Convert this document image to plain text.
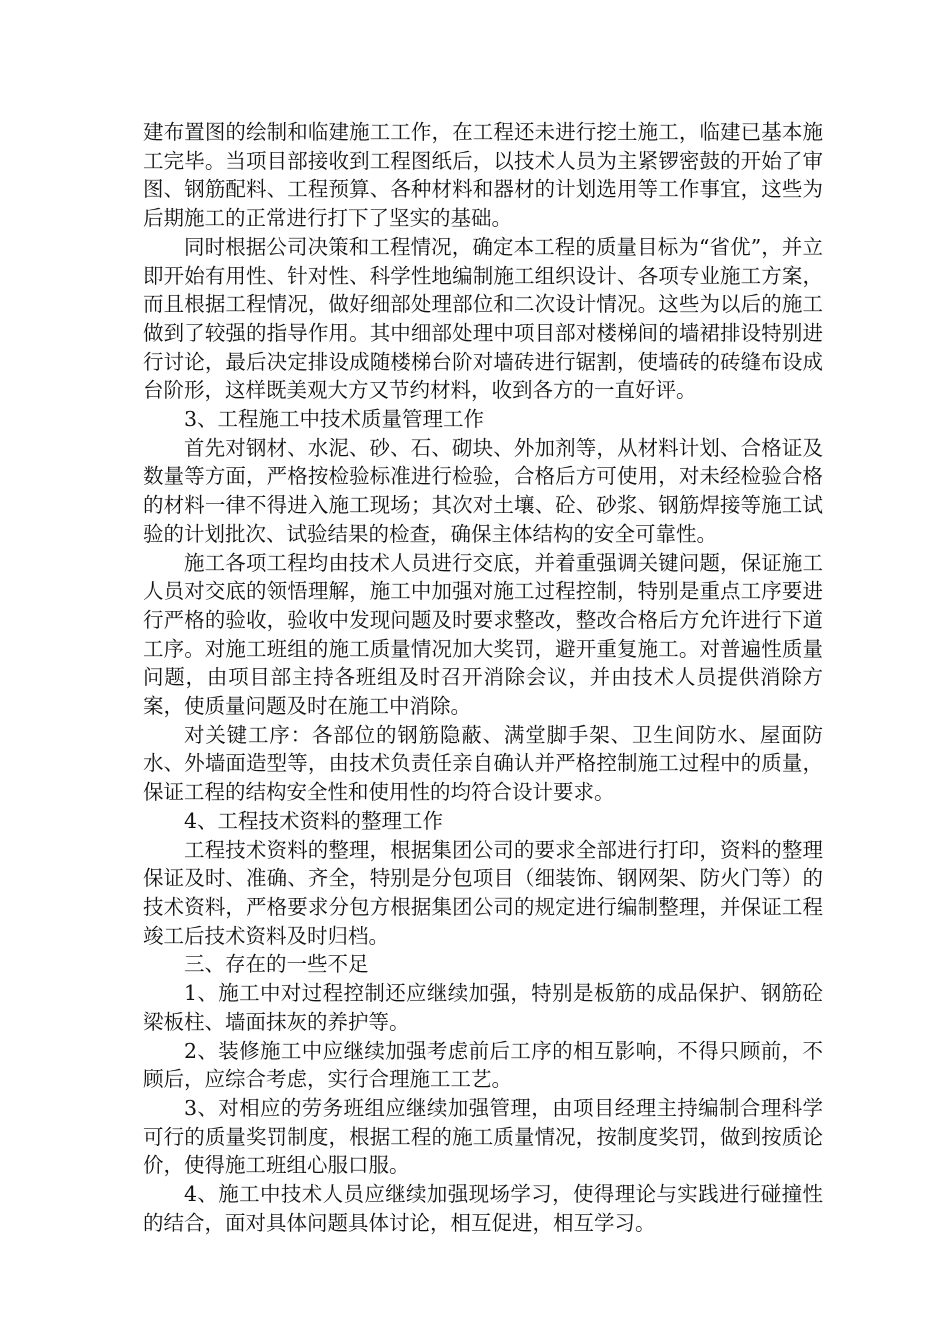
建布置图的绘制和临建施工工作，在工程还未进行挖土施工，临建已基本施工完毕。当项目部接收到工程图纸后，以技术人员为主紧锣密鼓的开始了审图、钢筋配料、工程预算、各种材料和器材的计划选用等工作事宜，这些为后期施工的正常进行打下了坚实的基础。

同时根据公司决策和工程情况，确定本工程的质量目标为“省优”，并立即开始有用性、针对性、科学性地编制施工组织设计、各项专业施工方案，而且根据工程情况，做好细部处理部位和二次设计情况。这些为以后的施工做到了较强的指导作用。其中细部处理中项目部对楼梯间的墙裙排设特别进行讨论，最后决定排设成随楼梯台阶对墙砖进行锯割，使墙砖的砖缝布设成台阶形，这样既美观大方又节约材料，收到各方的一直好评。

3、工程施工中技术质量管理工作

首先对钢材、水泥、砂、石、砌块、外加剂等，从材料计划、合格证及数量等方面，严格按检验标准进行检验，合格后方可使用，对未经检验合格的材料一律不得进入施工现场；其次对土壤、砼、砂浆、钢筋焊接等施工试验的计划批次、试验结果的检查，确保主体结构的安全可靠性。

施工各项工程均由技术人员进行交底，并着重强调关键问题，保证施工人员对交底的领悟理解，施工中加强对施工过程控制，特别是重点工序要进行严格的验收，验收中发现问题及时要求整改，整改合格后方允许进行下道工序。对施工班组的施工质量情况加大奖罚，避开重复施工。对普遍性质量问题，由项目部主持各班组及时召开消除会议，并由技术人员提供消除方案，使质量问题及时在施工中消除。

对关键工序：各部位的钢筋隐蔽、满堂脚手架、卫生间防水、屋面防水、外墙面造型等，由技术负责任亲自确认并严格控制施工过程中的质量，保证工程的结构安全性和使用性的均符合设计要求。

4、工程技术资料的整理工作

工程技术资料的整理，根据集团公司的要求全部进行打印，资料的整理保证及时、准确、齐全，特别是分包项目（细装饰、钢网架、防火门等）的技术资料，严格要求分包方根据集团公司的规定进行编制整理，并保证工程竣工后技术资料及时归档。

三、存在的一些不足

1、施工中对过程控制还应继续加强，特别是板筋的成品保护、钢筋砼梁板柱、墙面抹灰的养护等。

2、装修施工中应继续加强考虑前后工序的相互影响，不得只顾前，不顾后，应综合考虑，实行合理施工工艺。

3、对相应的劳务班组应继续加强管理，由项目经理主持编制合理科学可行的质量奖罚制度，根据工程的施工质量情况，按制度奖罚，做到按质论价，使得施工班组心服口服。

4、施工中技术人员应继续加强现场学习，使得理论与实践进行碰撞性的结合，面对具体问题具体讨论，相互促进，相互学习。
